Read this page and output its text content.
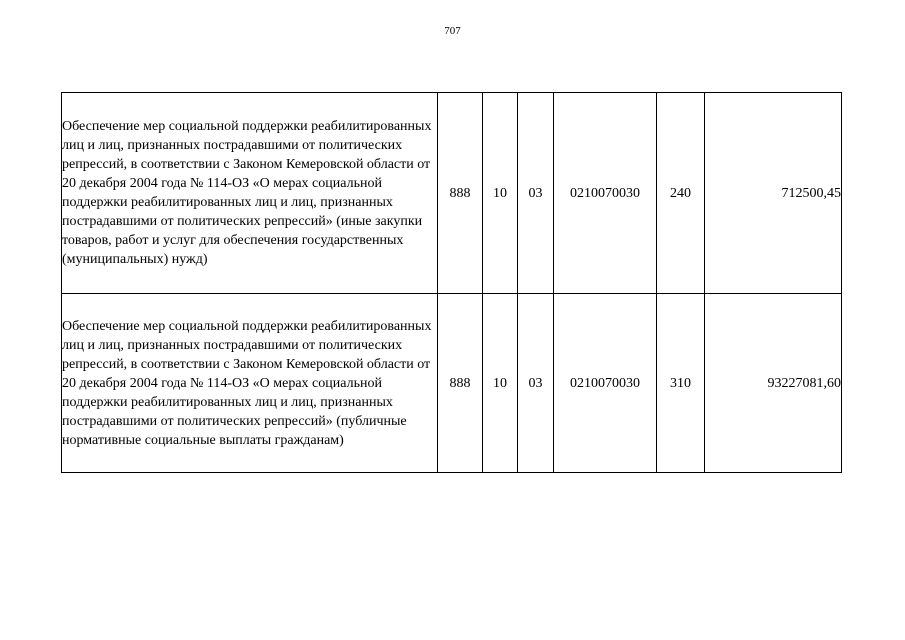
707
Обеспечение мер социальной поддержки реабилитированных лиц и лиц, признанных пострадавшими от политических репрессий, в соответствии с Законом Кемеровской области от 20 декабря 2004 года № 114-ОЗ «О мерах социальной поддержки реабилитированных лиц и лиц, признанных пострадавшими от политических репрессий» (иные закупки товаров, работ и услуг для обеспечения государственных (муниципальных) нужд)	888	10	03	0210070030	240	712500,45
Обеспечение мер социальной поддержки реабилитированных лиц и лиц, признанных пострадавшими от политических репрессий, в соответствии с Законом Кемеровской области от 20 декабря 2004 года № 114-ОЗ «О мерах социальной поддержки реабилитированных лиц и лиц, признанных пострадавшими от политических репрессий» (публичные нормативные социальные выплаты гражданам)	888	10	03	0210070030	310	93227081,60
